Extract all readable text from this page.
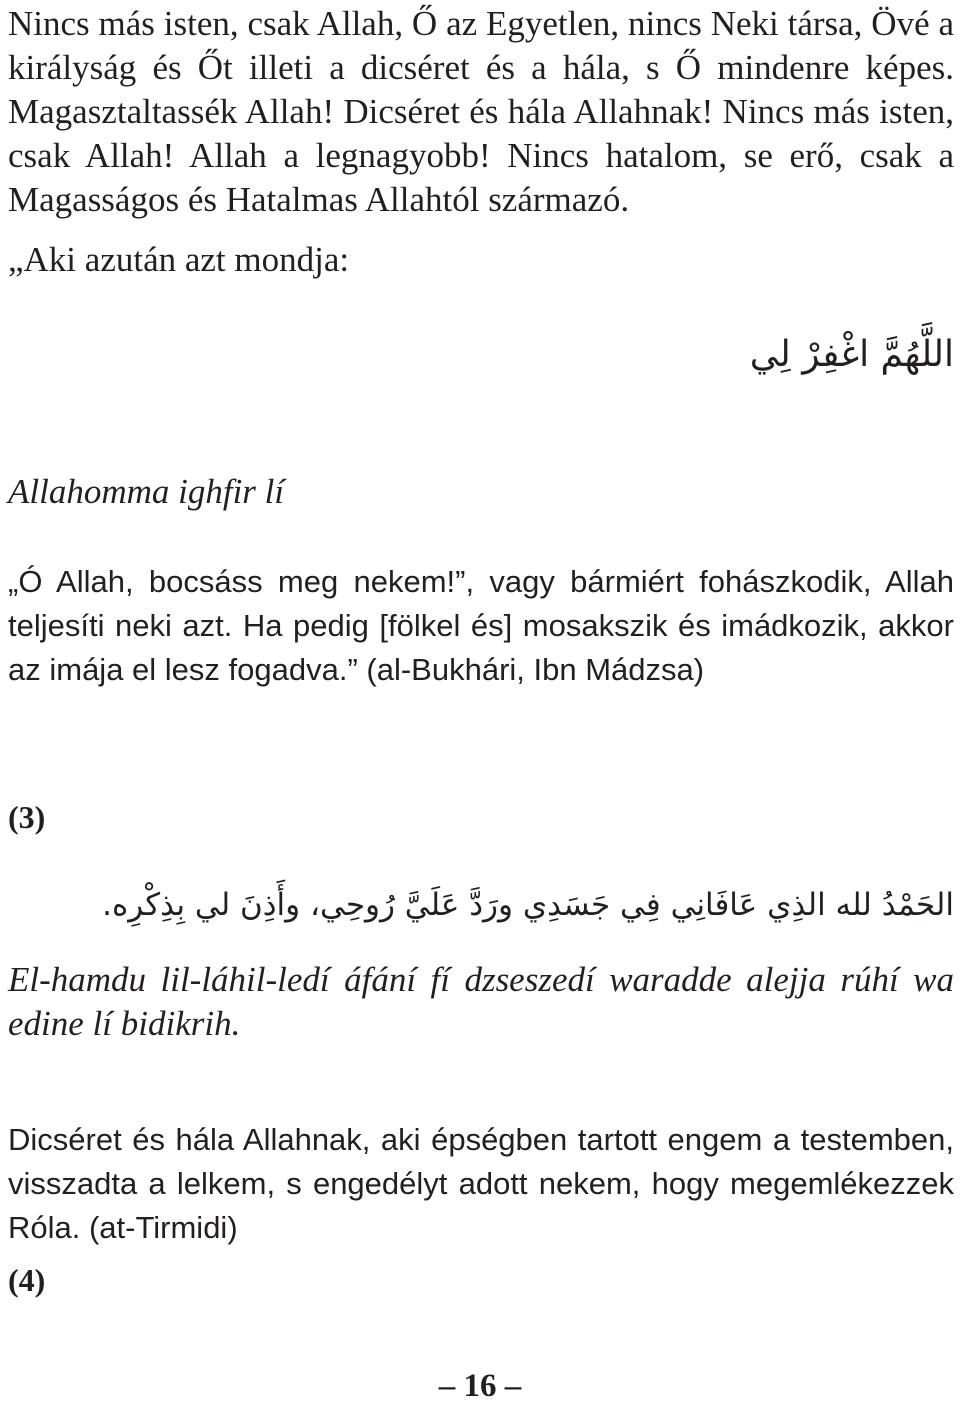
Nincs más isten, csak Allah, Ő az Egyetlen, nincs Neki társa, Övé a királyság és Őt illeti a dicséret és a hála, s Ő mindenre képes. Magasztaltassék Allah! Dicséret és hála Allahnak! Nincs más isten, csak Allah! Allah a legnagyobb! Nincs hatalom, se erő, csak a Magasságos és Hatalmas Allahtól származó.

„Aki azután azt mondja:

اللَّهُمَّ اغْفِرْ لِي

Allahomma ighfir lí

„Ó Allah, bocsáss meg nekem!”, vagy bármiért fohászkodik, Allah teljesíti neki azt. Ha pedig [fölkel és] mosakszik és imádkozik, akkor az imája el lesz fogadva.” (al-Bukhári, Ibn Mádzsa)

(3)

الحَمْدُ لله الذِي عَافَانِي فِي جَسَدِي ورَدَّ عَلَيَّ رُوحِي، وأَذِنَ لي بِذِكْرِه.

El-hamdu lil-láhil-ledí áfání fí dzseszedí waradde alejja rúhí wa edine lí bidikrih.

Dicséret és hála Allahnak, aki épségben tartott engem a testemben, visszadta a lelkem, s engedélyt adott nekem, hogy megemlékezzek Róla. (at-Tirmidi)

(4)

– 16 –
